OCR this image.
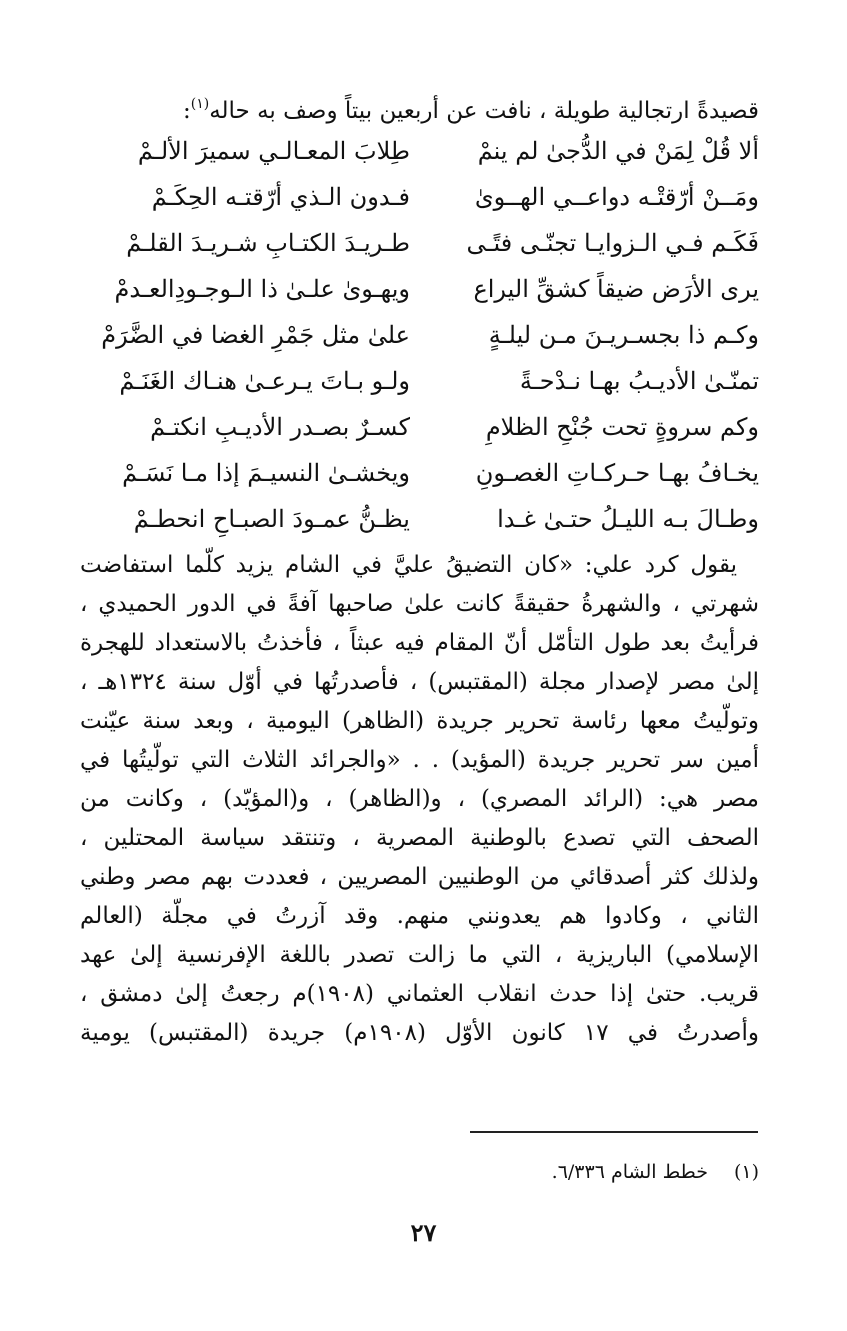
قصيدةً ارتجالية طويلة ، نافت عن أربعين بيتاً وصف به حاله$^{(١)}$:
ألا قُلْ لِمَنْ في الدُّجىٰ لم ينمْ
طِلابَ المعـالـي سميرَ الألـمْ
ومَــنْ أرّقتْـه دواعــي الهــوىٰ
فـدون الـذي أرّقتـه الحِكَـمْ
فَكَـم فـي الـزوايـا تجنّـى فتًـى
طـريـدَ الكتـابِ شـريـدَ القلـمْ
يرى الأرَض ضيقاً كشقِّ اليراع
ويهـوىٰ علـىٰ ذا الـوجـودِالعـدمْ
وكـم ذا بجسـريـنَ مـن ليلـةٍ
علىٰ مثل جَمْرِ الغضا في الضَّرَمْ
تمنّـىٰ الأديـبُ بهـا نـدْحـةً
ولـو بـاتَ يـرعـىٰ هنـاك الغَنَـمْ
وكم سروةٍ تحت جُنْحِ الظلامِ
كسـرٌ بصـدر الأديـبِ انكتـمْ
يخـافُ بهـا حـركـاتِ الغصـونِ
ويخشـىٰ النسيـمَ إذا مـا نَسَـمْ
وطـالَ بـه الليـلُ حتـىٰ غـدا
يظـنُّ عمـودَ الصبـاحِ انحطـمْ
يقول كرد علي: «كان التضيقُ عليَّ في الشام يزيد كلّما استفاضت
شهرتي ، والشهرةُ حقيقةً كانت علىٰ صاحبها آفةً في الدور الحميدي ،
فرأيتُ بعد طول التأمّل أنّ المقام فيه عبثاً ، فأخذتُ بالاستعداد للهجرة
إلىٰ مصر لإصدار مجلة (المقتبس) ، فأصدرتُها في أوّل سنة ١٣٢٤هـ ،
وتولّيتُ معها رئاسة تحرير جريدة (الظاهر) اليومية ، وبعد سنة عيّنت
أمين سر تحرير جريدة (المؤيد) . . «والجرائد الثلاث التي تولّيتُها في
مصر هي: (الرائد المصري) ، و(الظاهر) ، و(المؤيّد) ، وكانت من
الصحف التي تصدع بالوطنية المصرية ، وتنتقد سياسة المحتلين ،
ولذلك كثر أصدقائي من الوطنيين المصريين ، فعددت بهم مصر وطني
الثاني ، وكادوا هم يعدونني منهم. وقد آزرتُ في مجلّة (العالم
الإسلامي) الباريزية ، التي ما زالت تصدر باللغة الإفرنسية إلىٰ عهد
قريب. حتىٰ إذا حدث انقلاب العثماني (١٩٠٨)م رجعتُ إلىٰ دمشق ،
وأصدرتُ في ١٧ كانون الأوّل (١٩٠٨م) جريدة (المقتبس) يومية
(١)
خطط الشام ٦/٣٣٦.
٢٧
